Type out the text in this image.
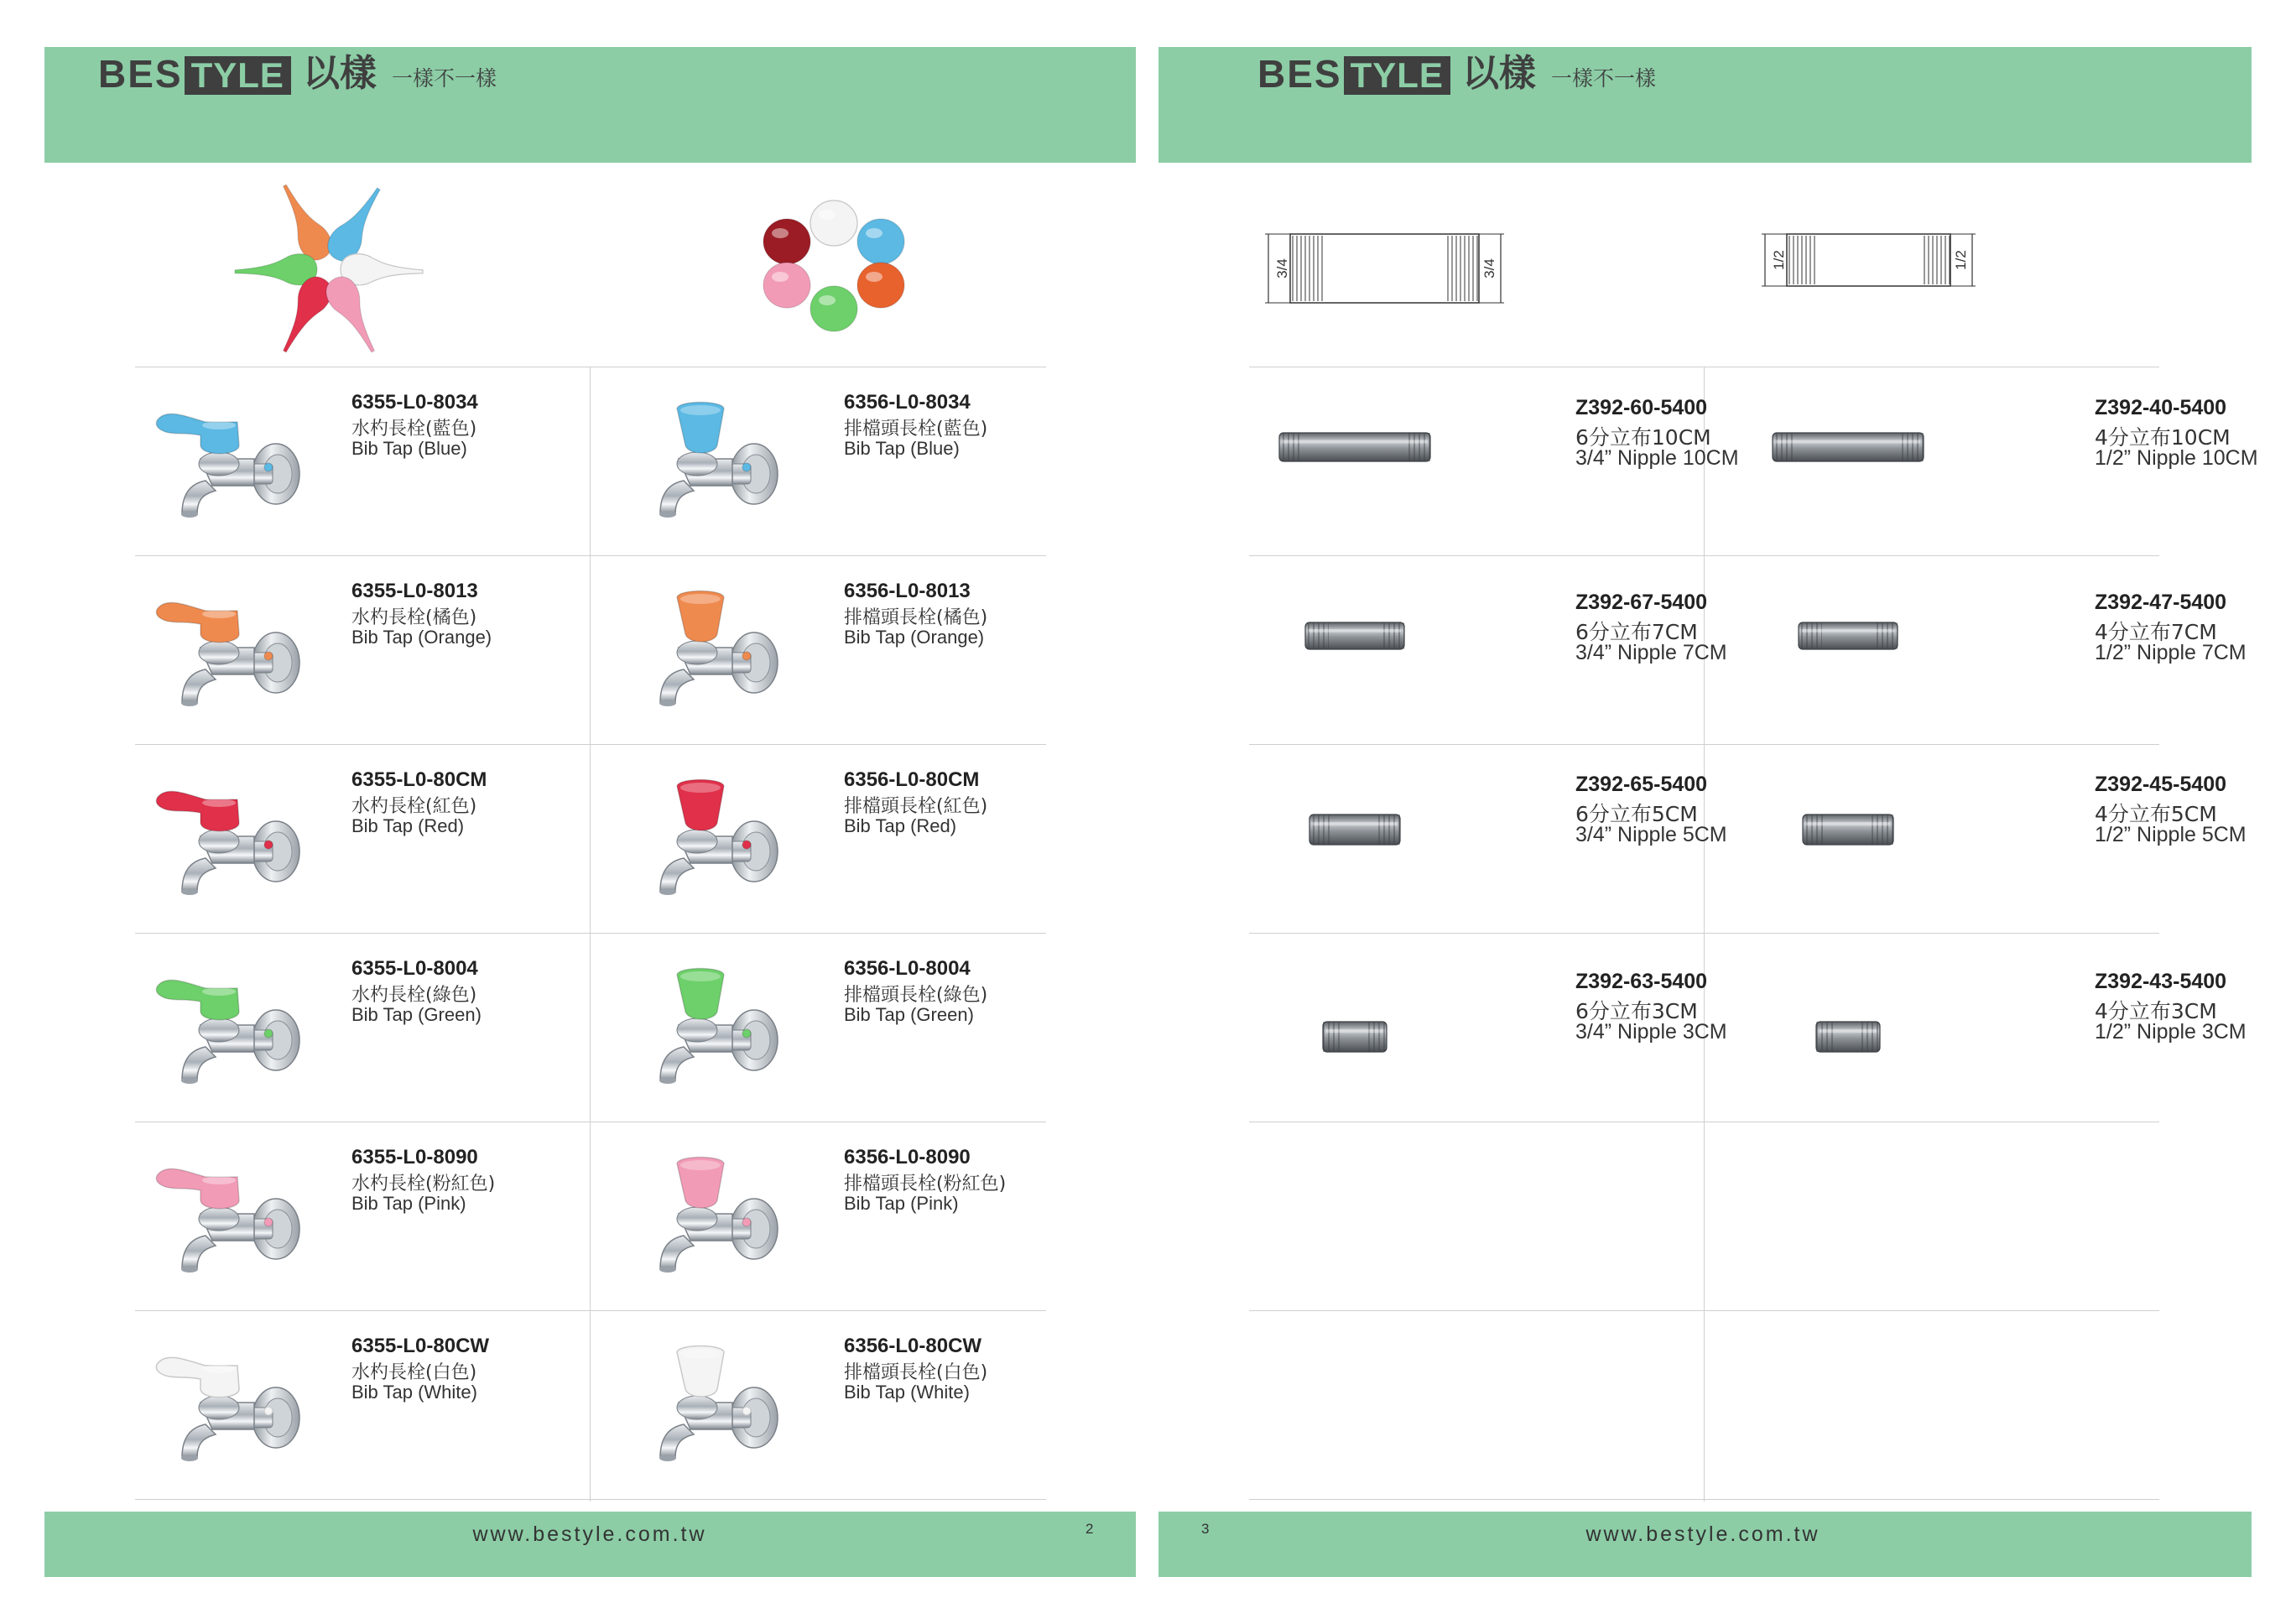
BES TYLE 以樣 一樣不一樣
6355-L0-8034
水杓長栓(藍色)
Bib Tap (Blue)
6356-L0-8034
排檔頭長栓(藍色)
Bib Tap (Blue)
6355-L0-8013
水杓長栓(橘色)
Bib Tap (Orange)
6356-L0-8013
排檔頭長栓(橘色)
Bib Tap (Orange)
6355-L0-80CM
水杓長栓(紅色)
Bib Tap (Red)
6356-L0-80CM
排檔頭長栓(紅色)
Bib Tap (Red)
6355-L0-8004
水杓長栓(綠色)
Bib Tap (Green)
6356-L0-8004
排檔頭長栓(綠色)
Bib Tap (Green)
6355-L0-8090
水杓長栓(粉紅色)
Bib Tap (Pink)
6356-L0-8090
排檔頭長栓(粉紅色)
Bib Tap (Pink)
6355-L0-80CW
水杓長栓(白色)
Bib Tap (White)
6356-L0-80CW
排檔頭長栓(白色)
Bib Tap (White)
www.bestyle.com.tw	2
BES TYLE 以樣 一樣不一樣
3/4	3/4	1/2	1/2
Z392-60-5400
6分立布10CM
3/4” Nipple 10CM
Z392-40-5400
4分立布10CM
1/2” Nipple 10CM
Z392-67-5400
6分立布7CM
3/4” Nipple 7CM
Z392-47-5400
4分立布7CM
1/2” Nipple 7CM
Z392-65-5400
6分立布5CM
3/4” Nipple 5CM
Z392-45-5400
4分立布5CM
1/2” Nipple 5CM
Z392-63-5400
6分立布3CM
3/4” Nipple 3CM
Z392-43-5400
4分立布3CM
1/2” Nipple 3CM
www.bestyle.com.tw
3
